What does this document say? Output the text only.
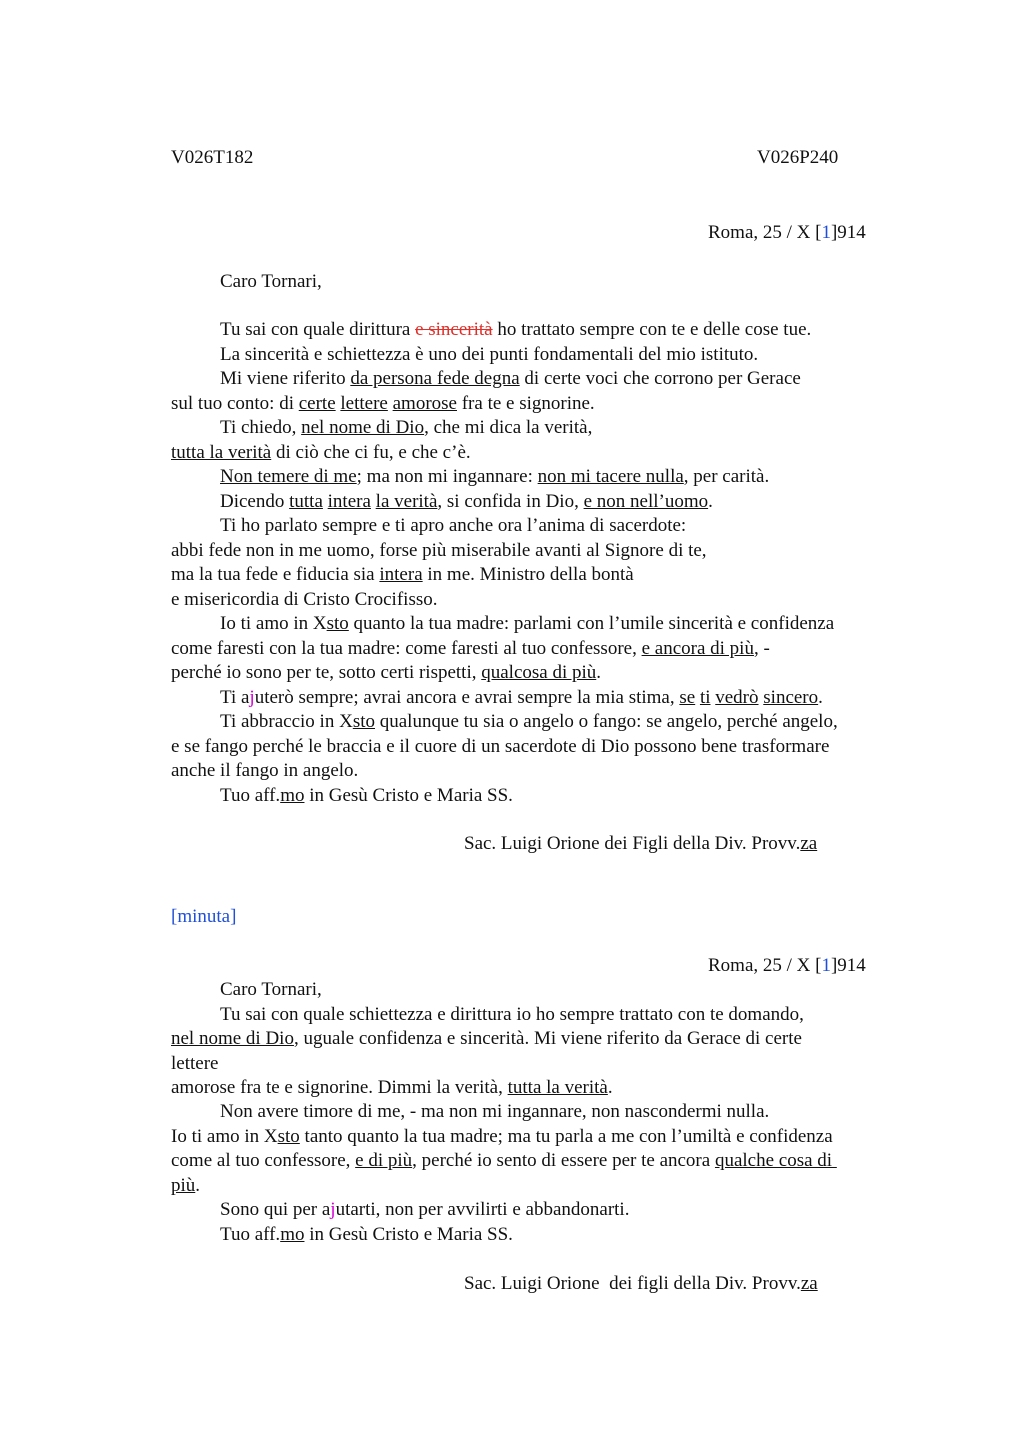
V026T182	V026P240
Roma, 25 / X [1]914
Caro Tornari,
Tu sai con quale dirittura e sincerità ho trattato sempre con te e delle cose tue.
La sincerità e schiettezza è uno dei punti fondamentali del mio istituto.
Mi viene riferito da persona fede degna di certe voci che corrono per Gerace
sul tuo conto: di certe lettere amorose fra te e signorine.
Ti chiedo, nel nome di Dio, che mi dica la verità,
tutta la verità di ciò che ci fu, e che c’è.
Non temere di me; ma non mi ingannare: non mi tacere nulla, per carità.
Dicendo tutta intera la verità, si confida in Dio, e non nell’uomo.
Ti ho parlato sempre e ti apro anche ora l’anima di sacerdote:
abbi fede non in me uomo, forse più miserabile avanti al Signore di te,
ma la tua fede e fiducia sia intera in me. Ministro della bontà
e misericordia di Cristo Crocifisso.
Io ti amo in Xsto quanto la tua madre: parlami con l’umile sincerità e confidenza
come faresti con la tua madre: come faresti al tuo confessore, e ancora di più, -
perché io sono per te, sotto certi rispetti, qualcosa di più.
Ti ajuterò sempre; avrai ancora e avrai sempre la mia stima, se ti vedrò sincero.
Ti abbraccio in Xsto qualunque tu sia o angelo o fango: se angelo, perché angelo,
e se fango perché le braccia e il cuore di un sacerdote di Dio possono bene trasformare
anche il fango in angelo.
Tuo aff.mo in Gesù Cristo e Maria SS.
Sac. Luigi Orione dei Figli della Div. Provv.za
[minuta]
Roma, 25 / X [1]914
Caro Tornari,
Tu sai con quale schiettezza e dirittura io ho sempre trattato con te domando,
nel nome di Dio, uguale confidenza e sincerità. Mi viene riferito da Gerace di certe
lettere
amorose fra te e signorine. Dimmi la verità, tutta la verità.
Non avere timore di me, - ma non mi ingannare, non nascondermi nulla.
Io ti amo in Xsto tanto quanto la tua madre; ma tu parla a me con l’umiltà e confidenza
come al tuo confessore, e di più, perché io sento di essere per te ancora qualche cosa di
più.
Sono qui per ajutarti, non per avvilirti e abbandonarti.
Tuo aff.mo in Gesù Cristo e Maria SS.
Sac. Luigi Orione  dei figli della Div. Provv.za
